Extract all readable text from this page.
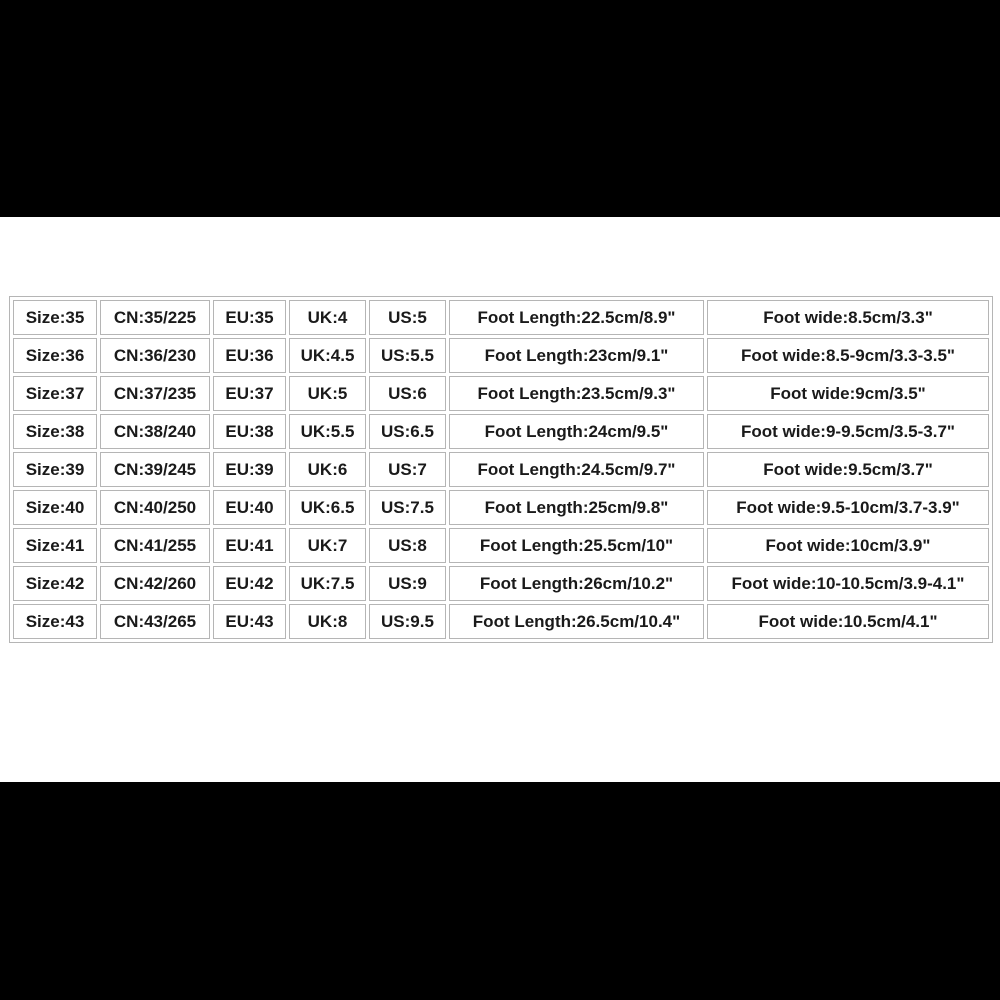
Size:35	CN:35/225	EU:35	UK:4	US:5	Foot Length:22.5cm/8.9"	Foot wide:8.5cm/3.3"
Size:36	CN:36/230	EU:36	UK:4.5	US:5.5	Foot Length:23cm/9.1"	Foot wide:8.5-9cm/3.3-3.5"
Size:37	CN:37/235	EU:37	UK:5	US:6	Foot Length:23.5cm/9.3"	Foot wide:9cm/3.5"
Size:38	CN:38/240	EU:38	UK:5.5	US:6.5	Foot Length:24cm/9.5"	Foot wide:9-9.5cm/3.5-3.7"
Size:39	CN:39/245	EU:39	UK:6	US:7	Foot Length:24.5cm/9.7"	Foot wide:9.5cm/3.7"
Size:40	CN:40/250	EU:40	UK:6.5	US:7.5	Foot Length:25cm/9.8"	Foot wide:9.5-10cm/3.7-3.9"
Size:41	CN:41/255	EU:41	UK:7	US:8	Foot Length:25.5cm/10"	Foot wide:10cm/3.9"
Size:42	CN:42/260	EU:42	UK:7.5	US:9	Foot Length:26cm/10.2"	Foot wide:10-10.5cm/3.9-4.1"
Size:43	CN:43/265	EU:43	UK:8	US:9.5	Foot Length:26.5cm/10.4"	Foot wide:10.5cm/4.1"
